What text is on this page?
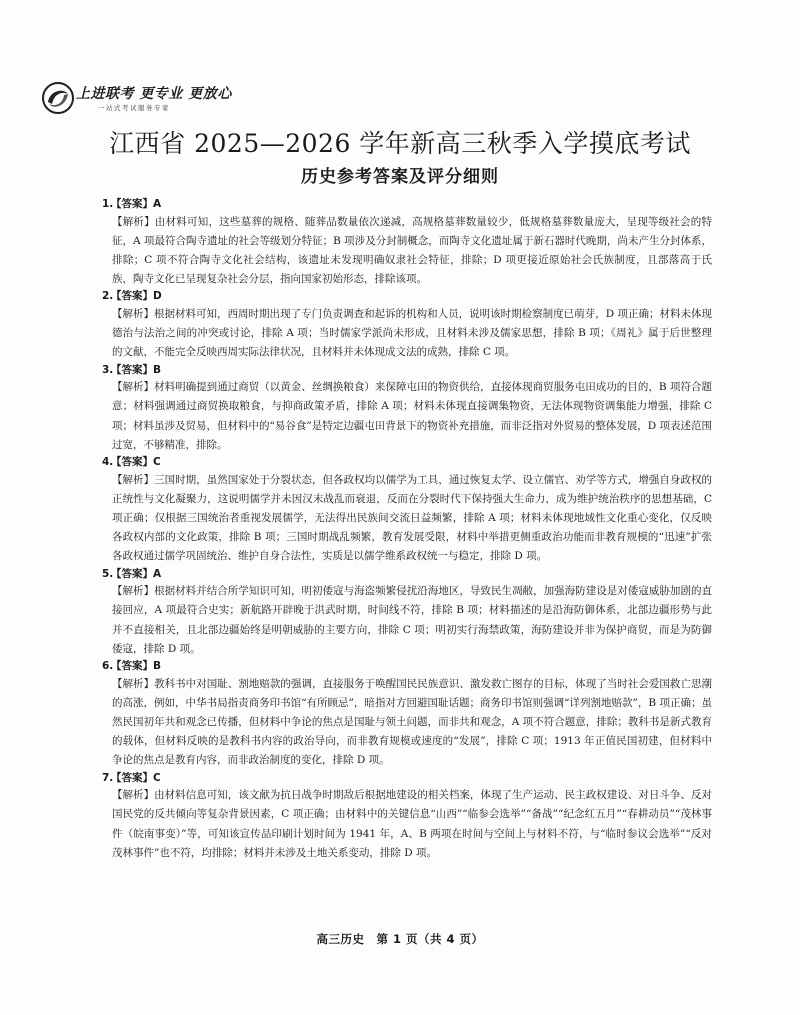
上进联考 更专业 更放心
一站式考试服务专家
江西省 2025—2026 学年新高三秋季入学摸底考试
历史参考答案及评分细则
1.【答案】A

【解析】由材料可知，这些墓葬的规格、随葬品数量依次递减，高规格墓葬数量较少，低规格墓葬数量庞大，呈现等级社会的特征，A 项最符合陶寺遗址的社会等级划分特征；B 项涉及分封制概念，而陶寺文化遗址属于新石器时代晚期，尚未产生分封体系，排除；C 项不符合陶寺文化社会结构，该遗址未发现明确奴隶社会特征，排除；D 项更接近原始社会氏族制度，且部落高于氏族，陶寺文化已呈现复杂社会分层，指向国家初始形态，排除该项。

2.【答案】D

【解析】根据材料可知，西周时期出现了专门负责调查和起诉的机构和人员，说明该时期检察制度已萌芽，D 项正确；材料未体现德治与法治之间的冲突或讨论，排除 A 项；当时儒家学派尚未形成，且材料未涉及儒家思想，排除 B 项；《周礼》属于后世整理的文献，不能完全反映西周实际法律状况，且材料并未体现成文法的成熟，排除 C 项。

3.【答案】B

【解析】材料明确提到通过商贸（以黄金、丝绸换粮食）来保障屯田的物资供给，直接体现商贸服务屯田成功的目的，B 项符合题意；材料强调通过商贸换取粮食，与抑商政策矛盾，排除 A 项；材料未体现直接调集物资，无法体现物资调集能力增强，排除 C 项；材料虽涉及贸易，但材料中的“易谷食”是特定边疆屯田背景下的物资补充措施，而非泛指对外贸易的整体发展，D 项表述范围过宽，不够精准，排除。

4.【答案】C

【解析】三国时期，虽然国家处于分裂状态，但各政权均以儒学为工具，通过恢复太学、设立儒官、劝学等方式，增强自身政权的正统性与文化凝聚力，这说明儒学并未因汉末战乱而衰退，反而在分裂时代下保持强大生命力，成为维护统治秩序的思想基础，C 项正确；仅根据三国统治者重视发展儒学，无法得出民族间交流日益频繁，排除 A 项；材料未体现地域性文化重心变化，仅反映各政权内部的文化政策，排除 B 项；三国时期战乱频繁，教育发展受限，材料中举措更侧重政治功能而非教育规模的“迅速”扩张　各政权通过儒学巩固统治、维护自身合法性，实质是以儒学维系政权统一与稳定，排除 D 项。

5.【答案】A

【解析】根据材料并结合所学知识可知，明初倭寇与海盗频繁侵扰沿海地区，导致民生凋敝，加强海防建设是对倭寇威胁加剧的直接回应，A 项最符合史实；新航路开辟晚于洪武时期，时间线不符，排除 B 项；材料描述的是沿海防御体系，北部边疆形势与此并不直接相关，且北部边疆始终是明朝威胁的主要方向，排除 C 项；明初实行海禁政策，海防建设并非为保护商贸，而是为防御倭寇，排除 D 项。

6.【答案】B

【解析】教科书中对国耻、割地赔款的强调，直接服务于唤醒国民民族意识、激发救亡图存的目标，体现了当时社会爱国救亡思潮的高涨，例如，中华书局指责商务印书馆“有所顾忌”，暗指对方回避国耻话题；商务印书馆则强调“详列割地赔款”，B 项正确；虽然民国初年共和观念已传播，但材料中争论的焦点是国耻与领土问题，而非共和观念，A 项不符合题意，排除；教科书是新式教育的载体，但材料反映的是教科书内容的政治导向，而非教育规模或速度的“发展”，排除 C 项；1913 年正值民国初建，但材料中争论的焦点是教育内容，而非政治制度的变化，排除 D 项。

7.【答案】C

【解析】由材料信息可知，该文献为抗日战争时期敌后根据地建设的相关档案，体现了生产运动、民主政权建设、对日斗争、反对国民党的反共倾向等复杂背景因素，C 项正确；由材料中的关键信息“山西”“临参会选举”“备战”“纪念红五月”“春耕动员”“茂林事件（皖南事变）”等，可知该宣传品印刷计划时间为 1941 年，A、B 两项在时间与空间上与材料不符，与“临时参议会选举”“反对茂林事件”也不符，均排除；材料并未涉及土地关系变动，排除 D 项。

高三历史　第 1 页（共 4 页）
